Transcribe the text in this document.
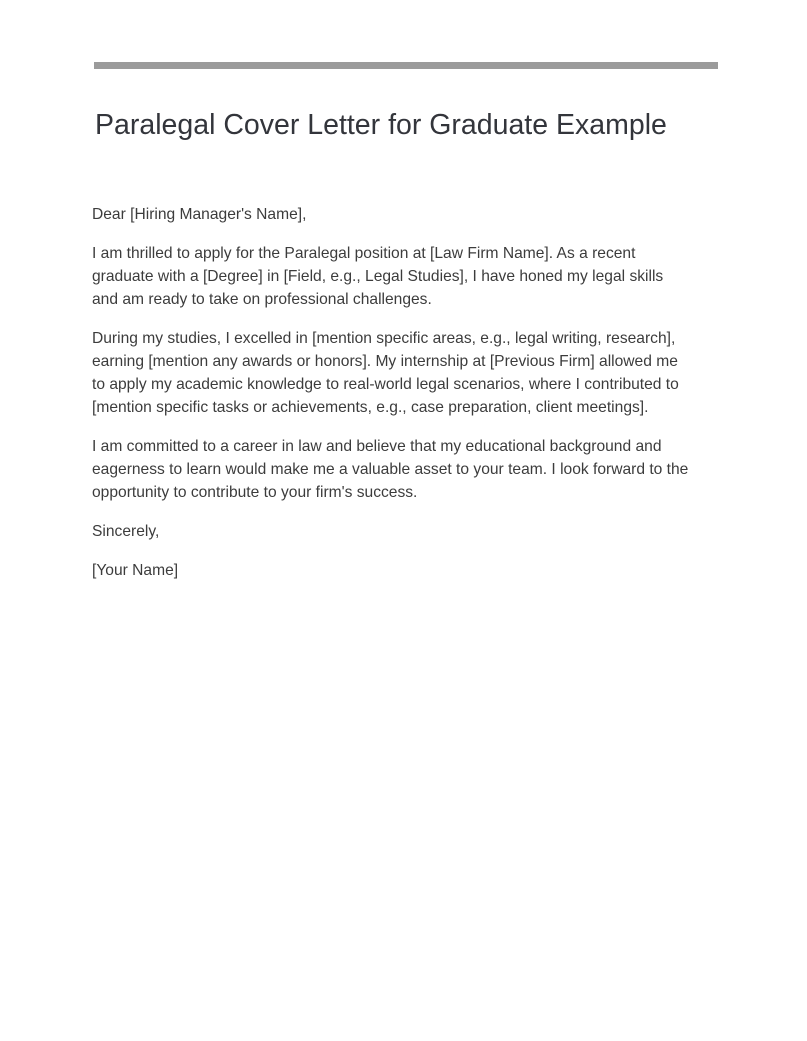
Paralegal Cover Letter for Graduate Example

Dear [Hiring Manager's Name],

I am thrilled to apply for the Paralegal position at [Law Firm Name]. As a recent graduate with a [Degree] in [Field, e.g., Legal Studies], I have honed my legal skills and am ready to take on professional challenges.

During my studies, I excelled in [mention specific areas, e.g., legal writing, research], earning [mention any awards or honors]. My internship at [Previous Firm] allowed me to apply my academic knowledge to real-world legal scenarios, where I contributed to [mention specific tasks or achievements, e.g., case preparation, client meetings].

I am committed to a career in law and believe that my educational background and eagerness to learn would make me a valuable asset to your team. I look forward to the opportunity to contribute to your firm's success.

Sincerely,

[Your Name]
